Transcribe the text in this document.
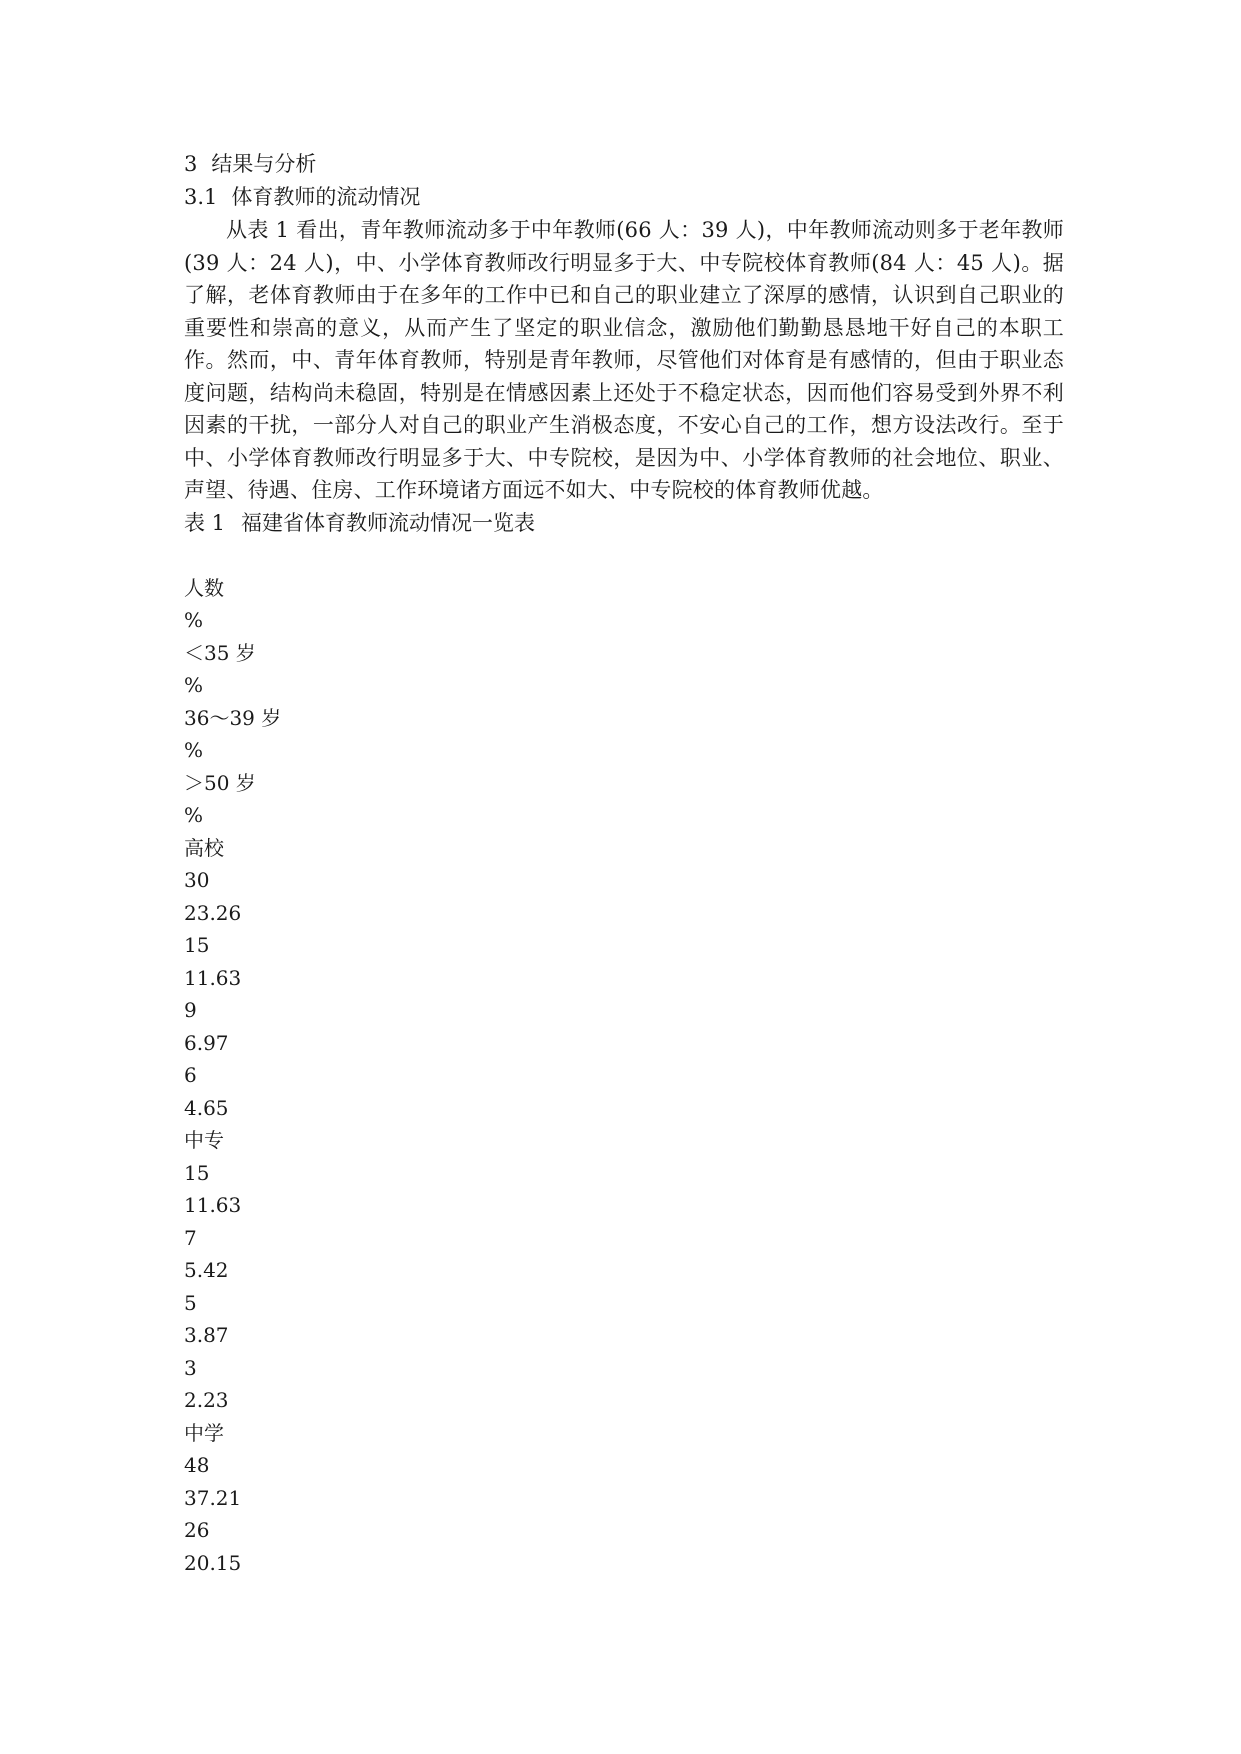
3 结果与分析
3.1 体育教师的流动情况

从表 1 看出，青年教师流动多于中年教师(66 人：39 人)，中年教师流动则多于老年教师(39 人：24 人)，中、小学体育教师改行明显多于大、中专院校体育教师(84 人：45 人)。据了解，老体育教师由于在多年的工作中已和自己的职业建立了深厚的感情，认识到自己职业的重要性和崇高的意义，从而产生了坚定的职业信念，激励他们勤勤恳恳地干好自己的本职工作。然而，中、青年体育教师，特别是青年教师，尽管他们对体育是有感情的，但由于职业态度问题，结构尚未稳固，特别是在情感因素上还处于不稳定状态，因而他们容易受到外界不利因素的干扰，一部分人对自己的职业产生消极态度，不安心自己的工作，想方设法改行。至于中、小学体育教师改行明显多于大、中专院校，是因为中、小学体育教师的社会地位、职业、声望、待遇、住房、工作环境诸方面远不如大、中专院校的体育教师优越。

表 1 福建省体育教师流动情况一览表
人数
%
＜35 岁
%
36～39 岁
%
＞50 岁
%
高校
30
23.26
15
11.63
9
6.97
6
4.65
中专
15
11.63
7
5.42
5
3.87
3
2.23
中学
48
37.21
26
20.15
